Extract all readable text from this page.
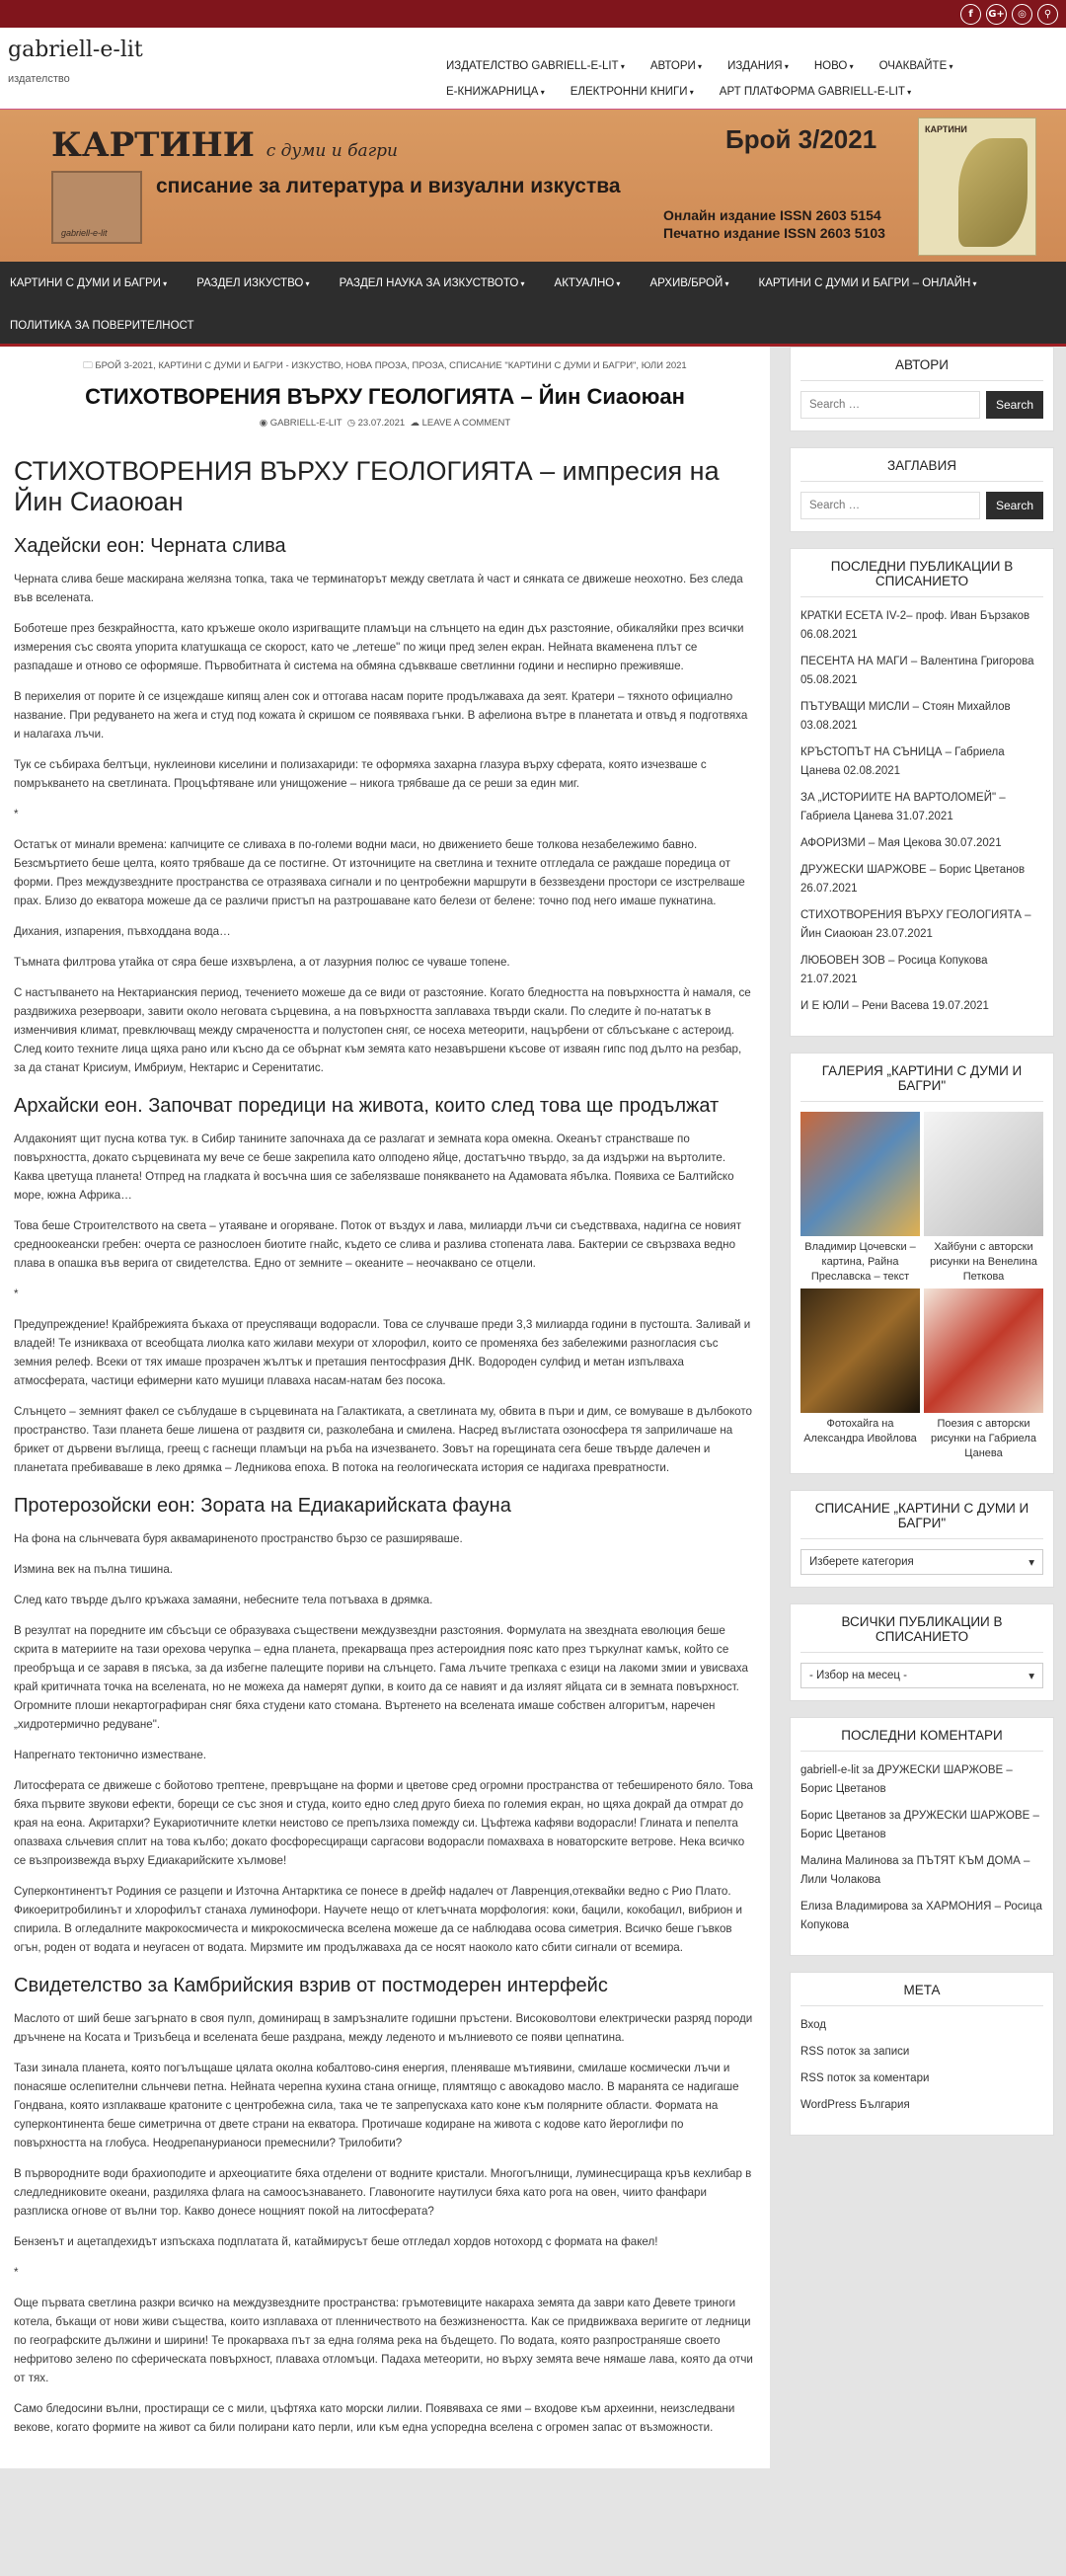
f	G+	◎	⚲
gabriell-e-lit
издателство
ИЗДАТЕЛСТВО GABRIELL-E-LIT ▾	АВТОРИ ▾	ИЗДАНИЯ ▾	НОВО ▾	ОЧАКВАЙТЕ ▾
Е-КНИЖАРНИЦА ▾	ЕЛЕКТРОННИ КНИГИ ▾	АРТ ПЛАТФОРМА GABRIELL-E-LIT ▾
КАРТИНИ с думи и багри
gabriell-e-lit
списание за литература и визуални изкуства
Брой 3/2021
Онлайн издание ISSN 2603 5154
Печатно издание ISSN 2603 5103
КАРТИНИ
КАРТИНИ С ДУМИ И БАГРИ ▾	РАЗДЕЛ ИЗКУСТВО ▾	РАЗДЕЛ НАУКА ЗА ИЗКУСТВОТО ▾	АКТУАЛНО ▾	АРХИВ/БРОЙ ▾	КАРТИНИ С ДУМИ И БАГРИ – ОНЛАЙН ▾
ПОЛИТИКА ЗА ПОВЕРИТЕЛНОСТ
🗀 БРОЙ 3-2021, КАРТИНИ С ДУМИ И БАГРИ - ИЗКУСТВО, НОВА ПРОЗА, ПРОЗА, СПИСАНИЕ "КАРТИНИ С ДУМИ И БАГРИ", ЮЛИ 2021
СТИХОТВОРЕНИЯ ВЪРХУ ГЕОЛОГИЯТА – Йин Сиаоюан
◉ GABRIELL-E-LIT ◷ 23.07.2021 ☁ LEAVE A COMMENT
СТИХОТВОРЕНИЯ ВЪРХУ ГЕОЛОГИЯТА – импресия на Йин Сиаоюан
Хадейски еон: Черната слива

Черната слива беше маскирана желязна топка, така че терминаторът между светлата ѝ част и сянката се движеше неохотно. Без следа във вселената.

Боботеше през безкрайността, като кръжеше около изригващите пламъци на слънцето на един дъх разстояние, обикаляйки през всички измерения със своята упорита клатушкаща се скорост, като че „летеше" по жици пред зелен екран. Нейната вкаменена плът се разпадаше и отново се оформяше. Първобитната ѝ система на обмяна сдъвкваше светлинни години и неспирно преживяше.

В перихелия от порите ѝ се изцеждаше кипящ ален сок и оттогава насам порите продължаваха да зеят. Кратери – тяхното официално название. При редуването на жега и студ под кожата ѝ скришом се появяваха гънки. В афелиона вътре в планетата и отвъд я подготвяха и налагаха лъчи.

Тук се събираха белтъци, нуклеинови киселини и полизахариди: те оформяха захарна глазура върху сферата, която изчезваше с помръкването на светлината. Процъфтяване или унищожение – никога трябваше да се реши за един миг.

*

Остатък от минали времена: капчиците се сливаха в по-големи водни маси, но движението беше толкова незабележимо бавно. Безсмъртието беше целта, която трябваше да се постигне. От източниците на светлина и техните отгледала се раждаше поредица от форми. През междузвездните пространства се отразяваха сигнали и по центробежни маршрути в беззвездени простори се изстрелваше прах. Близо до екватора можеше да се различи пристъп на разтрошаване като белези от белене: точно под него имаше пукнатина.

Дихания, изпарения, пъвходдана вода…

Тъмната филтрова утайка от сяра беше изхвърлена, а от лазурния полюс се чуваше топене.

С настъпването на Нектарианския период, течението можеше да се види от разстояние. Когато бледността на повърхността ѝ намаля, се раздвижиха резервоари, завити около неговата сърцевина, а на повърхността заплаваха твърди скали. По следите ѝ по-нататък в изменчивия климат, превключващ между смрачеността и полустопен сняг, се носеха метеорити, нацърбени от сблъсъкане с астероид. След които техните лица щяха рано или късно да се обърнат към земята като незавършени късове от изваян гипс под дълто на резбар, за да станат Крисиум, Имбриум, Нектарис и Серенитатис.

Архайски еон. Започват поредици на живота, които след това ще продължат

Алдаконият щит пусна котва тук. в Сибир танините започнаха да се разлагат и земната кора омекна. Океанът странстваше по повърхността, докато сърцевината му вече се беше закрепила като олподено яйце, достатъчно твърдо, за да издържи на въртолите. Каква цветуща планета! Отпред на гладката ѝ восъчна шия се забелязваше понякването на Адамовата ябълка. Появиха се Балтийско море, южна Африка…

Това беше Строителството на света – утаяване и огоряване. Поток от въздух и лава, милиарди лъчи си съедствваха, надигна се новият средноокеански гребен: очерта се разнослоен биотите гнайс, където се слива и разлива стопената лава. Бактерии се свързваха ведно плава в опашка във верига от свидетелства. Едно от земните – океаните – неочаквано се отцели.

*

Предупреждение! Крайбрежията бъкаха от преуспяващи водорасли. Това се случваше преди 3,3 милиарда години в пустошта. Заливай и владей! Те изникваха от всеобщата лиолка като жилави мехури от хлорофил, които се променяха без забележими разногласия със земния релеф. Всеки от тях имаше прозрачен жълтък и преташия пентосфразия ДНК. Водороден сулфид и метан изпълваха атмосферата, частици ефимерни като мушици плаваха насам-натам без посока.

Слънцето – земният факел се съблудаше в сърцевината на Галактиката, а светлината му, обвита в пъри и дим, се вомуваше в дълбокото пространство. Тази планета беше лишена от раздвитя си, разколебана и смилена. Насред въглистата озоносфера тя заприличаше на брикет от дървени въглища, греещ с гаснещи пламъци на ръба на изчезването. Зовът на горещината сега беше твърде далечен и планетата пребиваваше в леко дрямка – Ледникова епоха. В потока на геологическата история се надигаха превратности.

Протерозойски еон: Зората на Едиакарийската фауна

На фона на сльнчевата буря аквамариненото пространство бързо се разширяваше.

Измина век на пълна тишина.

След като твърде дълго кръжаха замаяни, небесните тела потъваха в дрямка.

В резултат на поредните им сбъсъци се образуваха съществени междузвездни разстояния. Формулата на звездната еволюция беше скрита в материите на тази орехова черупка – една планета, прекарваща през астероидния пояс като през търкулнат камък, който се преобръща и се заравя в пясъка, за да избегне палещите пориви на слънцето. Гама лъчите трепкаха с езици на лакоми змии и увисваха край критичната точка на вселената, но не можеха да намерят дупки, в които да се навият и да изляят яйцата си в земната повърхност. Огромните плоши некартографиран сняг бяха студени като стомана. Въртенето на вселената имаше собствен алгоритъм, наречен „хидротермично редуване".

Напрегнато тектонично изместване.

Литосферата се движеше с бойотово трептене, превръщане на форми и цветове сред огромни пространства от тебеширеното бяло. Това бяха първите звукови ефекти, борещи се със зноя и студа, които едно след друго биеха по големия екран, но щяха докрай да отмрат до края на еона. Акритархи? Еукариотичните клетки неистово се препълзиха помежду си. Цъфтежа кафяви водорасли! Глината и пепелта опазваха сльчевия сплит на това кълбо; докато фосфоресциращи саргасови водорасли помахваха в новаторските ветрове. Нека всичко се възпроизвежда върху Едиакарийските хълмове!

Суперконтинентът Родиния се разцепи и Източна Антарктика се понесе в дрейф надалеч от Лавренция,отеквайки ведно с Рио Плато. Фикоеритробилинът и хлорофилът станаха луминофори. Научете нещо от клетъчната морфология: коки, бацили, кокобацил, вибрион и спирила. В огледалните макрокосмичеста и микрокосмическа вселена можеше да се наблюдава осова симетрия. Всичко беше гъвков огън, роден от водата и неугасен от водата. Мирзмите им продължаваха да се носят наоколо като сбити сигнали от всемира.

Свидетелство за Камбрийския взрив от постмодерен интерфейс

Маслото от ший беше загърнато в своя пулп, доминиращ в замръзналите годишни пръстени. Високоволтови електрически разряд породи дръчнене на Косата и Тризъбеца и вселената беше раздрана, между леденото и мълниевото се появи цепнатина.

Тази зинала планета, която погълъщаше цялата околна кобалтово-синя енергия, пленяваше мътиявини, смилаше космически лъчи и понасяше ослепителни сльнчеви петна. Нейната черепна кухина стана огнище, плямтящо с авокадово масло. В маранята се надигаше Гондвана, която изплакваше кратоните с центробежна сила, така че те запрепускаха като коне към полярните области. Формата на суперконтинента беше симетрична от двете страни на екватора. Протичаше кодиране на живота с кодове като йероглифи по повърхността на глобуса. Неодрепанурианоси премеснили? Трилобити?

В първородните води брахиоподите и археоциатите бяха отделени от водните кристали. Многогълнищи, луминесцираща кръв кехлибар в следледниковите океани, раздиляха флага на самоосъзнаването. Главоногите наутилуси бяха като рога на овен, чиито фанфари разплиска огнове от вълни тор. Какво донесе нощният покой на литосферата?

Бензенът и ацетапдехидът изпъскаха подплатата й, катаймирусът беше отгледал хордов нотохорд с формата на факел!

*

Още първата светлина разкри всичко на междузвездните пространства: гръмотевиците накараха земята да заври като Девете триноги котела, бъкащи от нови живи същества, които изплаваха от пленничеството на безжизнеността. Как се придвижваха веригите от ледници по географските дължини и ширини! Те прокарваха път за една голяма река на бъдещето. По водата, която разпространяше своето нефритово зелено по сферическата повърхност, плаваха отломъци. Падаха метеорити, но върху земята вече нямаше лава, която да отчи от тях.

Само бледосини вълни, простиращи се с мили, цъфтяха като морски лилии. Появяваха се ями – входове към археинни, неизследвани векове, когато формите на живот са били полирани като перли, или към една успоредна вселена с огромен запас от възможности.

АВТОРИ
Search …
Search
ЗАГЛАВИЯ
Search …
Search
ПОСЛЕДНИ ПУБЛИКАЦИИ В СПИСАНИЕТО
КРАТКИ ЕСЕТА IV-2– проф. Иван Бързаков 06.08.2021
ПЕСЕНТА НА МАГИ – Валентина Григорова 05.08.2021
ПЪТУВАЩИ МИСЛИ – Стоян Михайлов 03.08.2021
КРЪСТОПЪТ НА СЪНИЦА – Габриела Цанева 02.08.2021
ЗА „ИСТОРИИТЕ НА ВАРТОЛОМЕЙ" – Габриела Цанева 31.07.2021
АФОРИЗМИ – Мая Цекова 30.07.2021
ДРУЖЕСКИ ШАРЖОВЕ – Борис Цветанов 26.07.2021
СТИХОТВОРЕНИЯ ВЪРХУ ГЕОЛОГИЯТА – Йин Сиаоюан 23.07.2021
ЛЮБОВЕН ЗОВ – Росица Копукова 21.07.2021
И Е ЮЛИ – Рени Васева 19.07.2021
ГАЛЕРИЯ „КАРТИНИ С ДУМИ И БАГРИ"
Владимир Цочевски – картина, Райна Преславска – текст
Хайбуни с авторски рисунки на Венелина Петкова
Фотохайга на Александра Ивойлова
Поезия с авторски рисунки на Габриела Цанева
СПИСАНИЕ „КАРТИНИ С ДУМИ И БАГРИ"
Изберете категория	▾
ВСИЧКИ ПУБЛИКАЦИИ В СПИСАНИЕТО
- Избор на месец -	▾
ПОСЛЕДНИ КОМЕНТАРИ
gabriell-e-lit за ДРУЖЕСКИ ШАРЖОВЕ – Борис Цветанов
Борис Цветанов за ДРУЖЕСКИ ШАРЖОВЕ – Борис Цветанов
Малина Малинова за ПЪТЯТ КЪМ ДОМА – Лили Чолакова
Елиза Владимирова за ХАРМОНИЯ – Росица Копукова
МЕТА
Вход
RSS поток за записи
RSS поток за коментари
WordPress България
